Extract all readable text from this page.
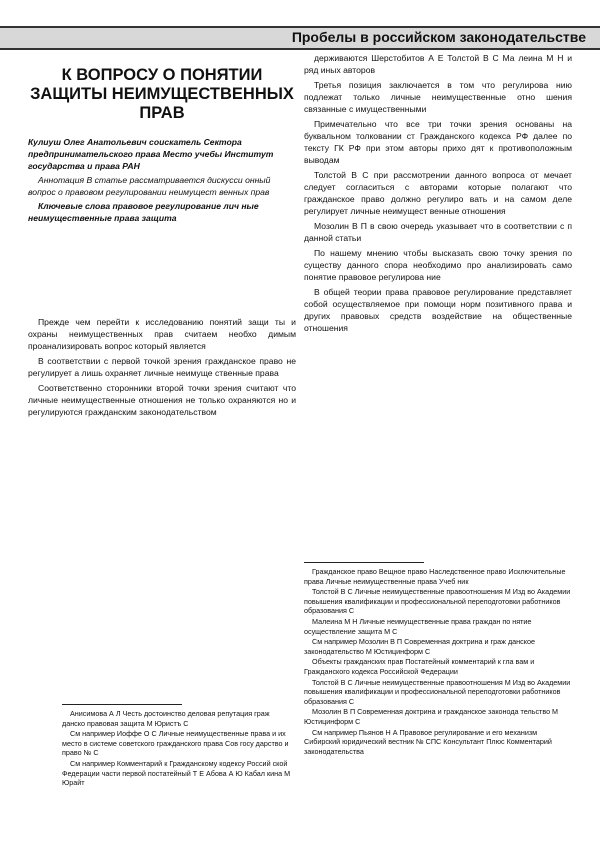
Пробелы в российском законодательстве
К ВОПРОСУ О ПОНЯТИИ ЗАЩИТЫ НЕИМУЩЕСТВЕННЫХ ПРАВ
Кулиуш Олег Анатольевич соискатель Сектора предпринимательского права Место учебы Институт государства и права РАН
Аннотация В статье рассматривается дискусси онный вопрос о правовом регулировании неимущест венных прав
Ключевые слова правовое регулирование лич ные неимущественные права защита

Прежде чем перейти к исследованию понятий защи ты и охраны неимущественных прав считаем необхо димым проанализировать вопрос который является

В соответствии с первой точкой зрения гражданское право не регулирует а лишь охраняет личные неимуще ственные права

Соответственно сторонники второй точки зрения считают что личные неимущественные отношения не только охраняются но и регулируются гражданским законодательством

держиваются Шерстобитов А Е Толстой В С Ма леина М Н и ряд иных авторов

Третья позиция заключается в том что регулирова нию подлежат только личные неимущественные отно шения связанные с имущественными

Примечательно что все три точки зрения основаны на буквальном толковании ст Гражданского кодекса РФ далее по тексту ГК РФ при этом авторы прихо дят к противоположным выводам

Толстой В С при рассмотрении данного вопроса от мечает следует согласиться с авторами которые полагают что гражданское право должно регулиро вать и на самом деле регулирует личные неимущест венные отношения

Мозолин В П в свою очередь указывает что в соответствии с п данной статьи

По нашему мнению чтобы высказать свою точку зрения по существу данного спора необходимо про анализировать само понятие правовое регулирова ние

В общей теории права правовое регулирование представляет собой осуществляемое при помощи норм позитивного права и других правовых средств воздействие на общественные отношения

Анисимова А Л Честь достоинство деловая репутация граж данско правовая защита М Юристъ С

См например Иоффе О С Личные неимущественные права и их место в системе советского гражданского права Сов госу дарство и право № С

См например Комментарий к Гражданскому кодексу Россий ской Федерации части первой постатейный Т Е Абова А Ю Кабал кина М Юрайт

Гражданское право Вещное право Наследственное право Исключительные права Личные неимущественные права Учеб ник

Толстой В С Личные неимущественные правоотношения М Изд во Академии повышения квалификации и профессиональной переподготовки работников образования С

Малеина М Н Личные неимущественные права граждан по нятие осуществление защита М С

См например Мозолин В П Современная доктрина и граж данское законодательство М Юстицинформ С

Объекты гражданских прав Постатейный комментарий к гла вам и Гражданского кодекса Российской Федерации

Толстой В С Личные неимущественные правоотношения М Изд во Академии повышения квалификации и профессиональной переподготовки работников образования С

Мозолин В П Современная доктрина и гражданское законода тельство М Юстицинформ С

См например Пьянов Н А Правовое регулирование и его механизм Сибирский юридический вестник № СПС Консультант Плюс Комментарий законодательства
